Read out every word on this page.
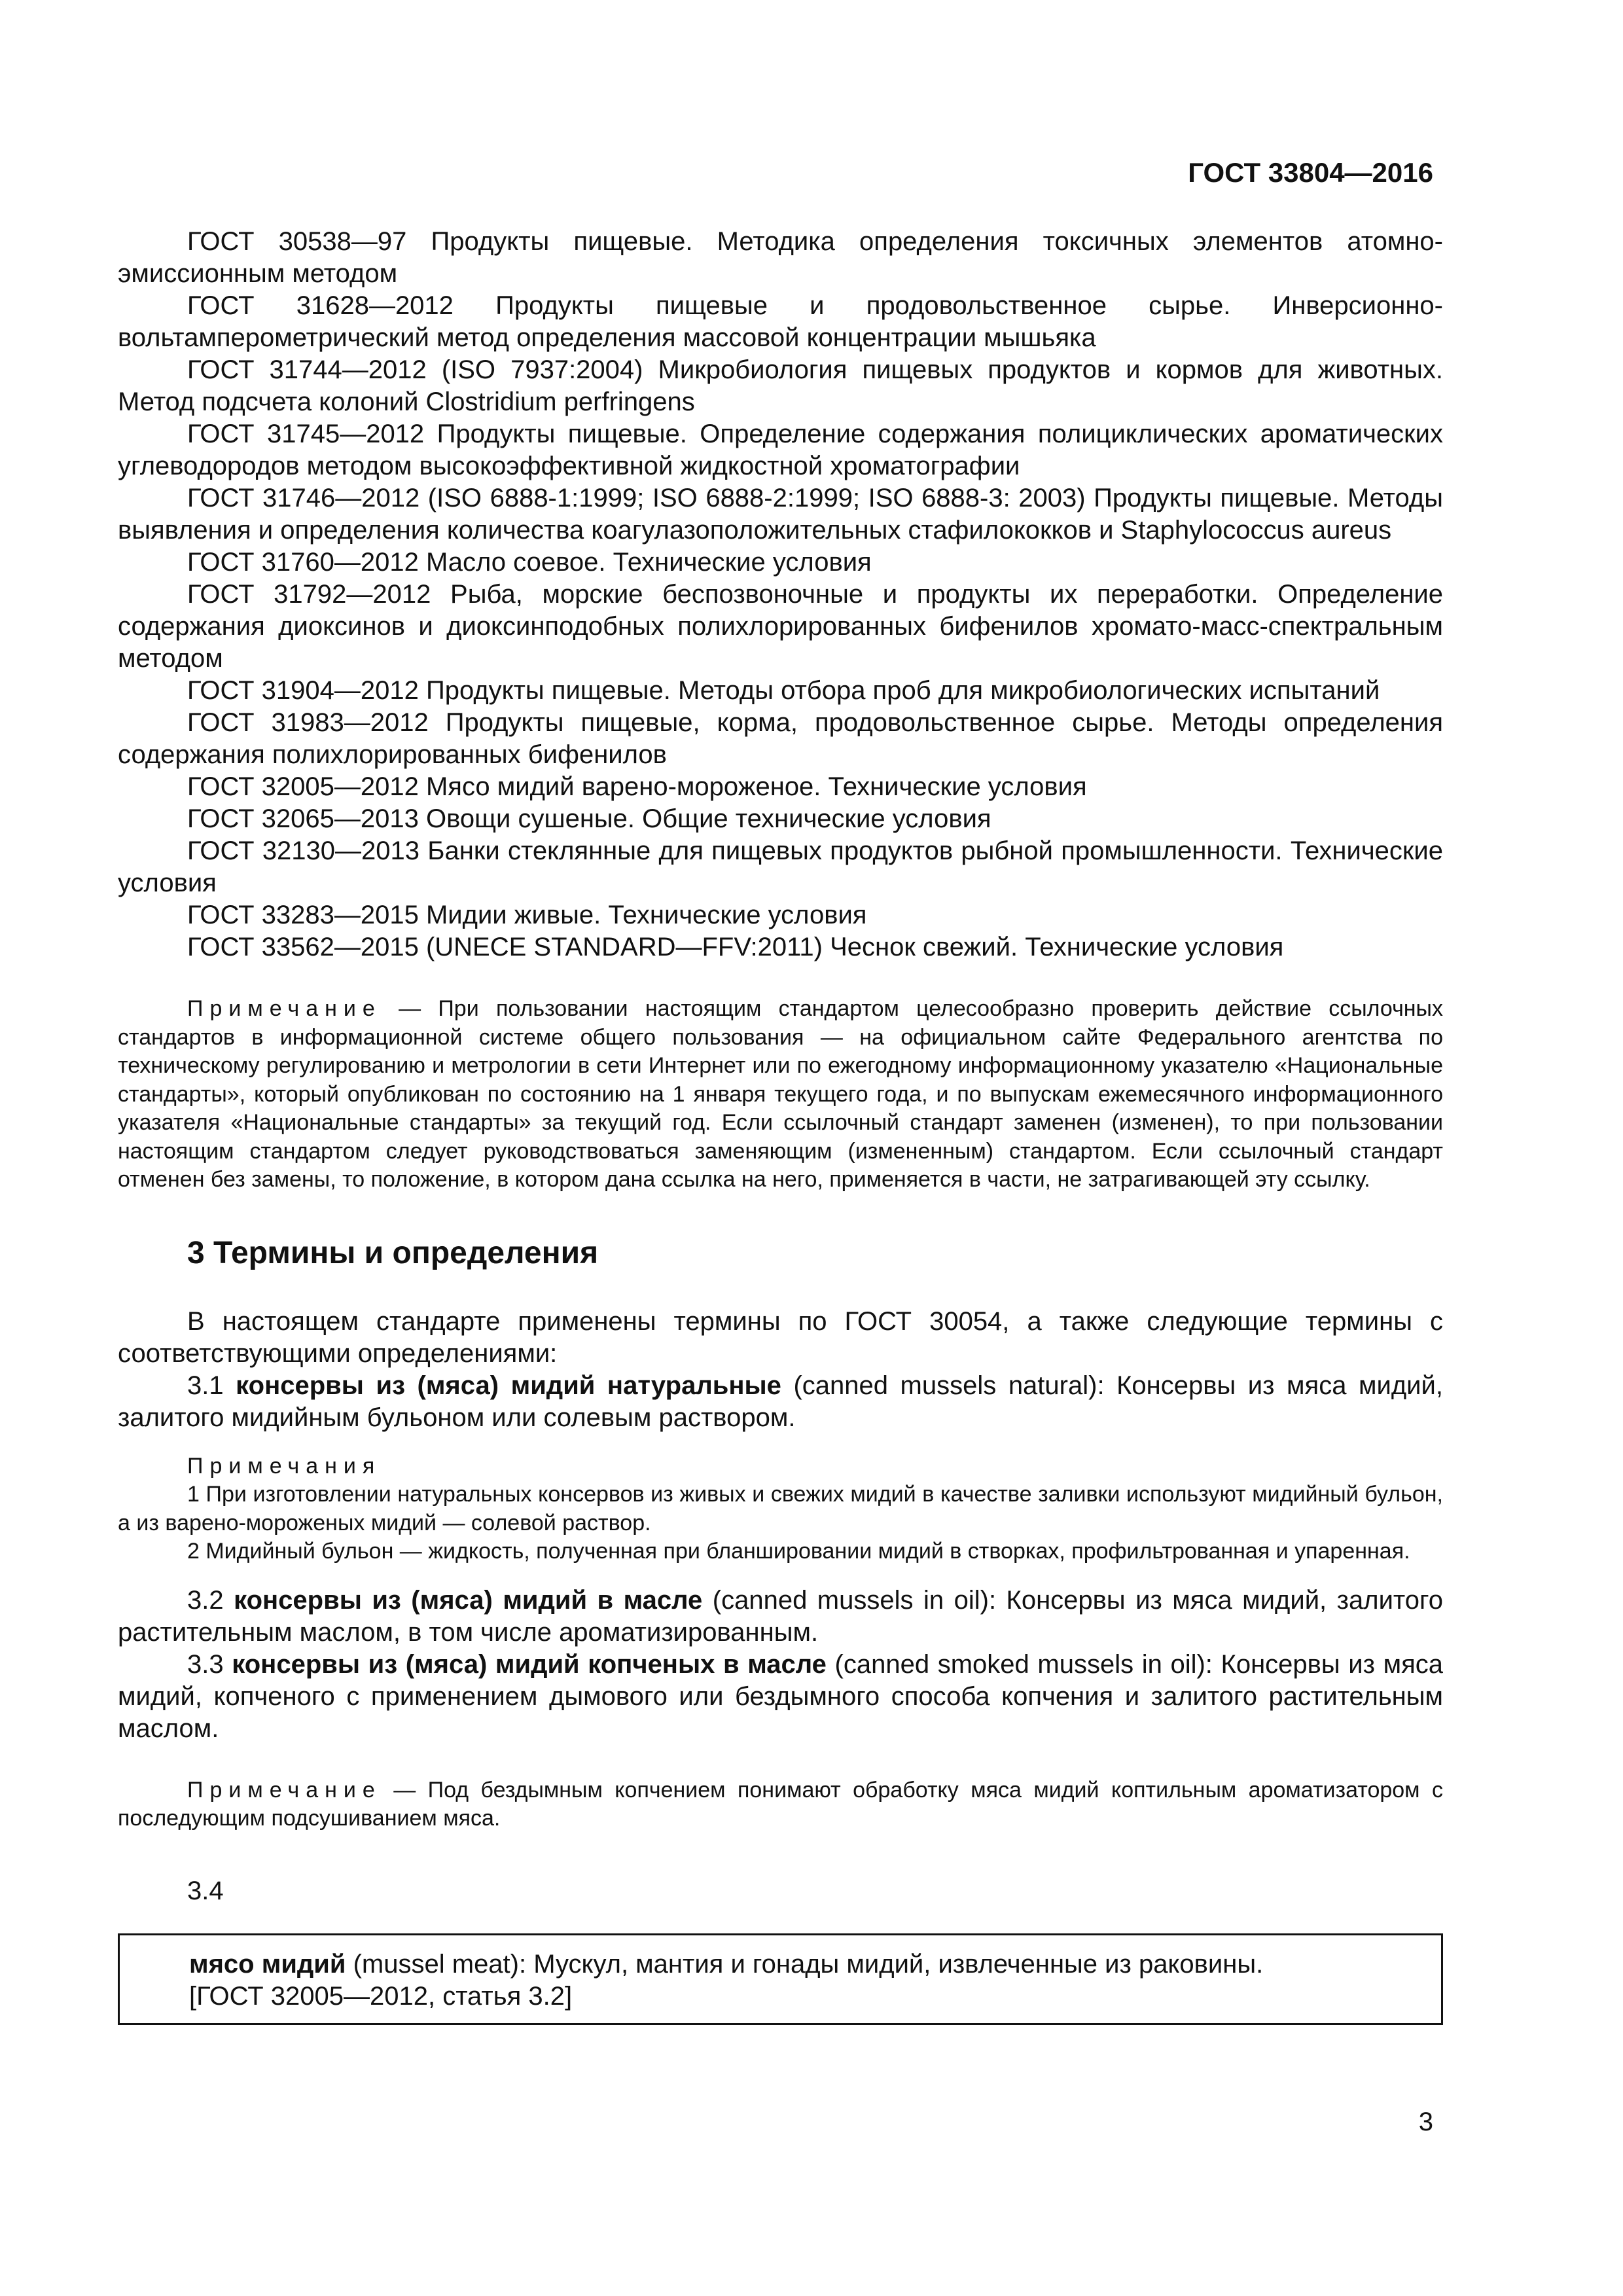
ГОСТ 33804—2016

ГОСТ 30538—97 Продукты пищевые. Методика определения токсичных элементов атомно-эмиссионным методом

ГОСТ 31628—2012 Продукты пищевые и продовольственное сырье. Инверсионно-вольтамперометрический метод определения массовой концентрации мышьяка

ГОСТ 31744—2012 (ISO 7937:2004) Микробиология пищевых продуктов и кормов для животных. Метод подсчета колоний Clostridium perfringens

ГОСТ 31745—2012 Продукты пищевые. Определение содержания полициклических ароматических углеводородов методом высокоэффективной жидкостной хроматографии

ГОСТ 31746—2012 (ISO 6888-1:1999; ISO 6888-2:1999; ISO 6888-3: 2003) Продукты пищевые. Методы выявления и определения количества коагулазоположительных стафилококков и Staphylococcus aureus

ГОСТ 31760—2012 Масло соевое. Технические условия

ГОСТ 31792—2012 Рыба, морские беспозвоночные и продукты их переработки. Определение содержания диоксинов и диоксинподобных полихлорированных бифенилов хромато-масс-спектральным методом

ГОСТ 31904—2012 Продукты пищевые. Методы отбора проб для микробиологических испытаний

ГОСТ 31983—2012 Продукты пищевые, корма, продовольственное сырье. Методы определения содержания полихлорированных бифенилов

ГОСТ 32005—2012 Мясо мидий варено-мороженое. Технические условия

ГОСТ 32065—2013 Овощи сушеные. Общие технические условия

ГОСТ 32130—2013 Банки стеклянные для пищевых продуктов рыбной промышленности. Технические условия

ГОСТ 33283—2015 Мидии живые. Технические условия

ГОСТ 33562—2015 (UNECE STANDARD—FFV:2011) Чеснок свежий. Технические условия

Примечание — При пользовании настоящим стандартом целесообразно проверить действие ссылочных стандартов в информационной системе общего пользования — на официальном сайте Федерального агентства по техническому регулированию и метрологии в сети Интернет или по ежегодному информационному указателю «Национальные стандарты», который опубликован по состоянию на 1 января текущего года, и по выпускам ежемесячного информационного указателя «Национальные стандарты» за текущий год. Если ссылочный стандарт заменен (изменен), то при пользовании настоящим стандартом следует руководствоваться заменяющим (измененным) стандартом. Если ссылочный стандарт отменен без замены, то положение, в котором дана ссылка на него, применяется в части, не затрагивающей эту ссылку.

3 Термины и определения

В настоящем стандарте применены термины по ГОСТ 30054, а также следующие термины с соответствующими определениями:

3.1 консервы из (мяса) мидий натуральные (canned mussels natural): Консервы из мяса мидий, залитого мидийным бульоном или солевым раствором.

Примечания

1 При изготовлении натуральных консервов из живых и свежих мидий в качестве заливки используют мидийный бульон, а из варено-мороженых мидий — солевой раствор.

2 Мидийный бульон — жидкость, полученная при бланшировании мидий в створках, профильтрованная и упаренная.

3.2 консервы из (мяса) мидий в масле (canned mussels in oil): Консервы из мяса мидий, залитого растительным маслом, в том числе ароматизированным.

3.3 консервы из (мяса) мидий копченых в масле (canned smoked mussels in oil): Консервы из мяса мидий, копченого с применением дымового или бездымного способа копчения и залитого растительным маслом.

Примечание — Под бездымным копчением понимают обработку мяса мидий коптильным ароматизатором с последующим подсушиванием мяса.

3.4

мясо мидий (mussel meat): Мускул, мантия и гонады мидий, извлеченные из раковины.

[ГОСТ 32005—2012, статья 3.2]

3
